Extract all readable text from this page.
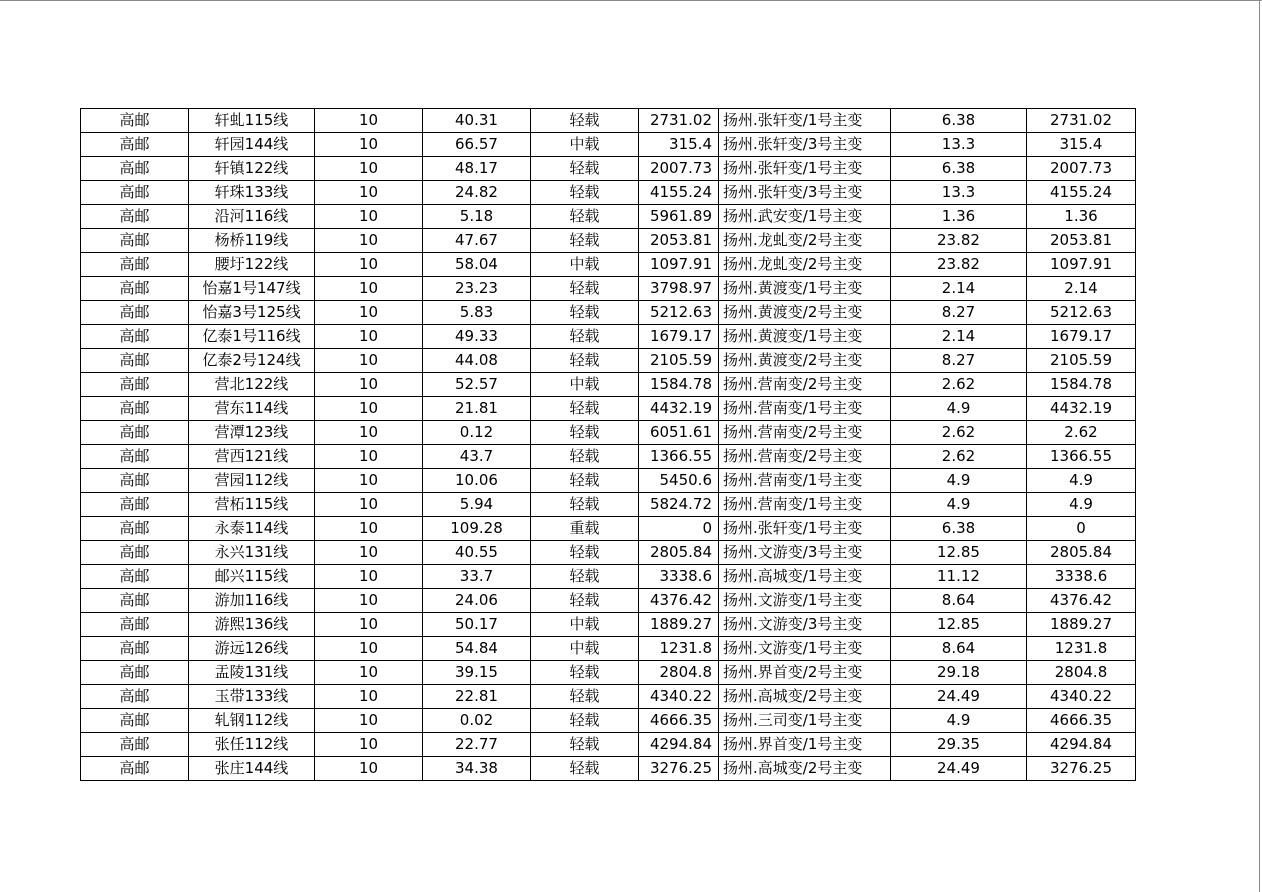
高邮	轩虬115线	10	40.31	轻载	2731.02	扬州.张轩变/1号主变	6.38	2731.02
高邮	轩园144线	10	66.57	中载	315.4	扬州.张轩变/3号主变	13.3	315.4
高邮	轩镇122线	10	48.17	轻载	2007.73	扬州.张轩变/1号主变	6.38	2007.73
高邮	轩珠133线	10	24.82	轻载	4155.24	扬州.张轩变/3号主变	13.3	4155.24
高邮	沿河116线	10	5.18	轻载	5961.89	扬州.武安变/1号主变	1.36	1.36
高邮	杨桥119线	10	47.67	轻载	2053.81	扬州.龙虬变/2号主变	23.82	2053.81
高邮	腰圩122线	10	58.04	中载	1097.91	扬州.龙虬变/2号主变	23.82	1097.91
高邮	怡嘉1号147线	10	23.23	轻载	3798.97	扬州.黄渡变/1号主变	2.14	2.14
高邮	怡嘉3号125线	10	5.83	轻载	5212.63	扬州.黄渡变/2号主变	8.27	5212.63
高邮	亿泰1号116线	10	49.33	轻载	1679.17	扬州.黄渡变/1号主变	2.14	1679.17
高邮	亿泰2号124线	10	44.08	轻载	2105.59	扬州.黄渡变/2号主变	8.27	2105.59
高邮	营北122线	10	52.57	中载	1584.78	扬州.营南变/2号主变	2.62	1584.78
高邮	营东114线	10	21.81	轻载	4432.19	扬州.营南变/1号主变	4.9	4432.19
高邮	营潭123线	10	0.12	轻载	6051.61	扬州.营南变/2号主变	2.62	2.62
高邮	营西121线	10	43.7	轻载	1366.55	扬州.营南变/2号主变	2.62	1366.55
高邮	营园112线	10	10.06	轻载	5450.6	扬州.营南变/1号主变	4.9	4.9
高邮	营柘115线	10	5.94	轻载	5824.72	扬州.营南变/1号主变	4.9	4.9
高邮	永泰114线	10	109.28	重载	0	扬州.张轩变/1号主变	6.38	0
高邮	永兴131线	10	40.55	轻载	2805.84	扬州.文游变/3号主变	12.85	2805.84
高邮	邮兴115线	10	33.7	轻载	3338.6	扬州.高城变/1号主变	11.12	3338.6
高邮	游加116线	10	24.06	轻载	4376.42	扬州.文游变/1号主变	8.64	4376.42
高邮	游熙136线	10	50.17	中载	1889.27	扬州.文游变/3号主变	12.85	1889.27
高邮	游远126线	10	54.84	中载	1231.8	扬州.文游变/1号主变	8.64	1231.8
高邮	盂陵131线	10	39.15	轻载	2804.8	扬州.界首变/2号主变	29.18	2804.8
高邮	玉带133线	10	22.81	轻载	4340.22	扬州.高城变/2号主变	24.49	4340.22
高邮	轧钢112线	10	0.02	轻载	4666.35	扬州.三司变/1号主变	4.9	4666.35
高邮	张任112线	10	22.77	轻载	4294.84	扬州.界首变/1号主变	29.35	4294.84
高邮	张庄144线	10	34.38	轻载	3276.25	扬州.高城变/2号主变	24.49	3276.25
